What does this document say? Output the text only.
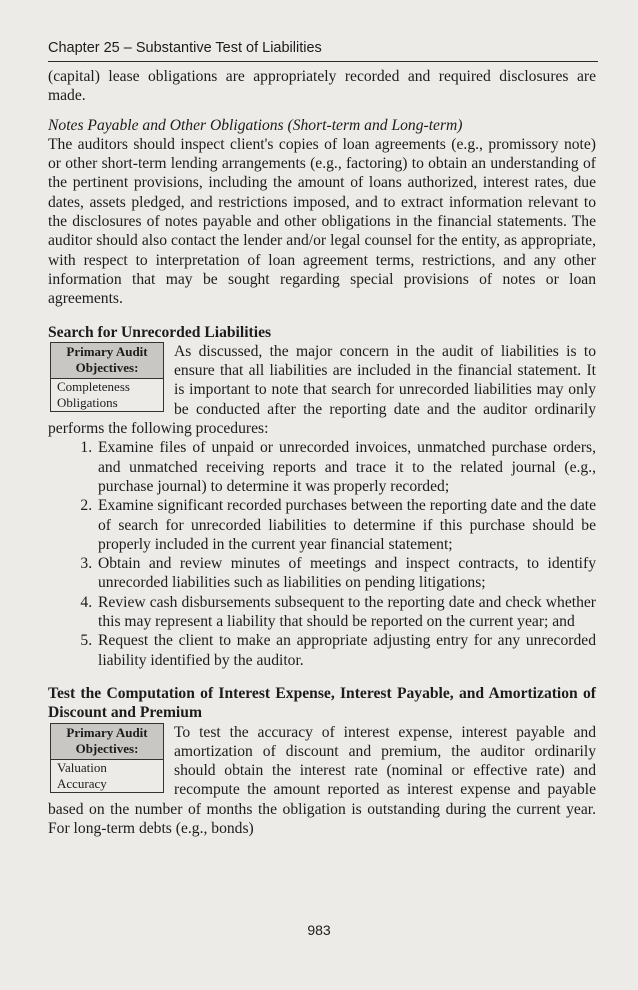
Chapter 25 – Substantive Test of Liabilities

(capital) lease obligations are appropriately recorded and required disclosures are made.

Notes Payable and Other Obligations (Short-term and Long-term)

The auditors should inspect client's copies of loan agreements (e.g., promissory note) or other short-term lending arrangements (e.g., factoring) to obtain an understanding of the pertinent provisions, including the amount of loans authorized, interest rates, due dates, assets pledged, and restrictions imposed, and to extract information relevant to the disclosures of notes payable and other obligations in the financial statements. The auditor should also contact the lender and/or legal counsel for the entity, as appropriate, with respect to interpretation of loan agreement terms, restrictions, and any other information that may be sought regarding special provisions of notes or loan agreements.

Search for Unrecorded Liabilities

Primary Audit Objectives:
Completeness
Obligations

As discussed, the major concern in the audit of liabilities is to ensure that all liabilities are included in the financial statement. It is important to note that search for unrecorded liabilities may only be conducted after the reporting date and the auditor ordinarily performs the following procedures:

1. Examine files of unpaid or unrecorded invoices, unmatched purchase orders, and unmatched receiving reports and trace it to the related journal (e.g., purchase journal) to determine it was properly recorded;
2. Examine significant recorded purchases between the reporting date and the date of search for unrecorded liabilities to determine if this purchase should be properly included in the current year financial statement;
3. Obtain and review minutes of meetings and inspect contracts, to identify unrecorded liabilities such as liabilities on pending litigations;
4. Review cash disbursements subsequent to the reporting date and check whether this may represent a liability that should be reported on the current year; and
5. Request the client to make an appropriate adjusting entry for any unrecorded liability identified by the auditor.

Test the Computation of Interest Expense, Interest Payable, and Amortization of Discount and Premium

Primary Audit Objectives:
Valuation
Accuracy

To test the accuracy of interest expense, interest payable and amortization of discount and premium, the auditor ordinarily should obtain the interest rate (nominal or effective rate) and recompute the amount reported as interest expense and payable based on the number of months the obligation is outstanding during the current year. For long-term debts (e.g., bonds)

983
